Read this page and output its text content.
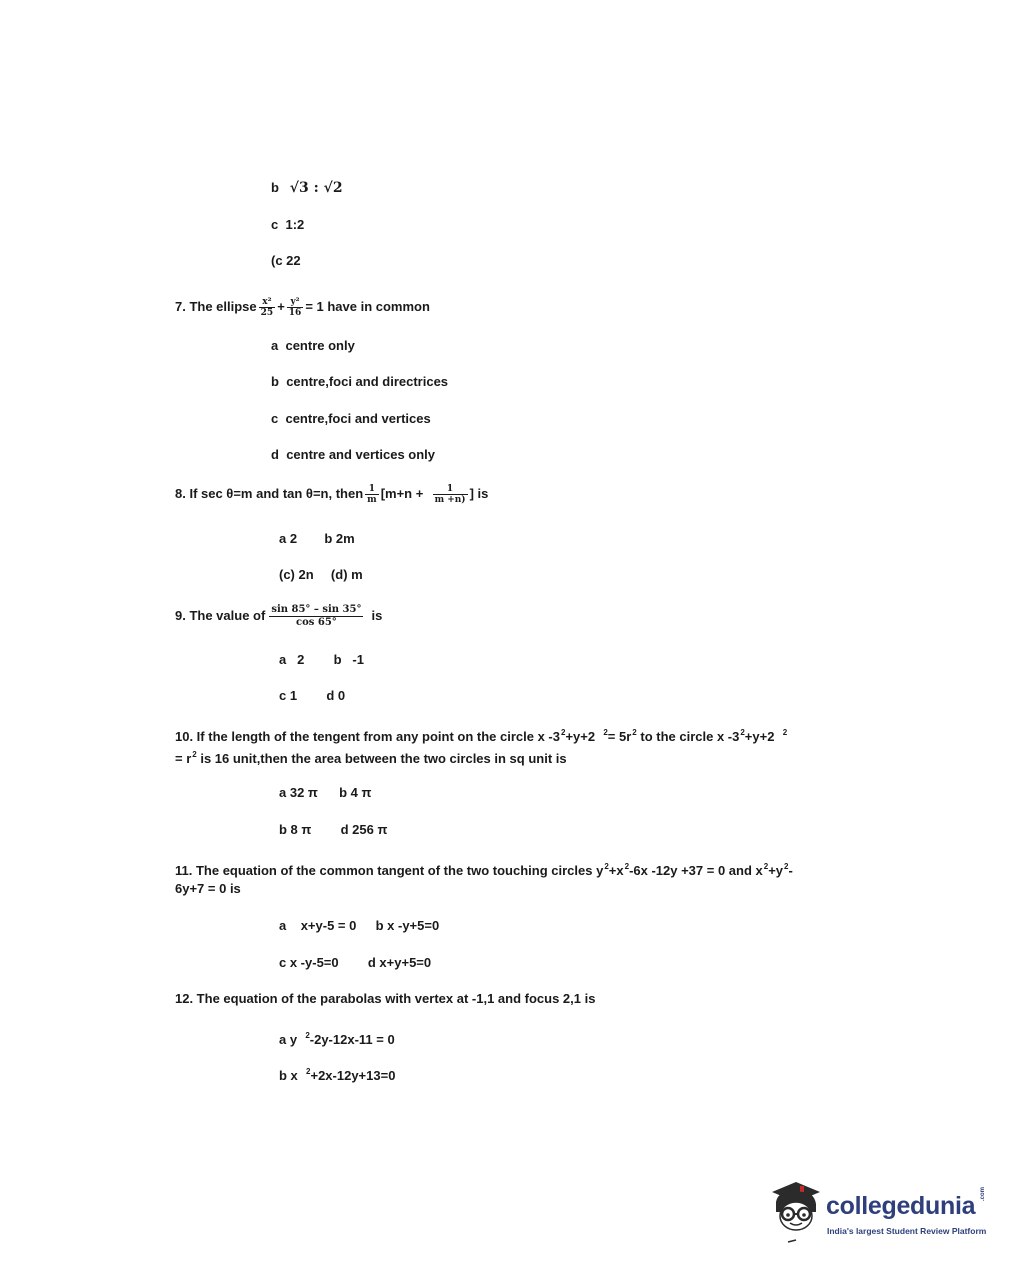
b √3 : √2
c 1:2
(c 22
7. The ellipse $\frac{\text{x²}}{25} + \frac{\text{y²}}{16} = 1$ have in common
a centre only
b centre,foci and directrices
c centre,foci and vertices
d centre and vertices only
8. If sec θ=m and tan θ=n, then $\frac{1}{m} [m+n + \frac{1}{m +n)}$ ] is
a 2 b 2m
(c) 2n (d) m
9. The value of $\frac{\sin 85^\circ - \sin 35^\circ}{\cos 65^\circ}$ is
a 2 b -1
c 1 d 0
10. If the length of the tengent from any point on the circle x $-3^2+y+2$ $^2= 5r^2$ to the circle x $-3^2+y+2$ $^2$
= $r^2$ is 16 unit,then the area between the two circles in sq unit is
a 32 π b 4 π
b 8 π d 256 π
11. The equation of the common tangent of the two touching circles $y^2+x^2-6x$ -12y +37 = 0 and $x^2+y^2-$
6y+7 = 0 is
a x+y-5 = 0 b x -y+5=0
c x -y-5=0 d x+y+5=0
12. The equation of the parabolas with vertex at -1,1 and focus 2,1 is
a y $^2$-2y-12x-11 = 0
b x $^2$+2x-12y+13=0
collegedunia .com
India's largest Student Review Platform
